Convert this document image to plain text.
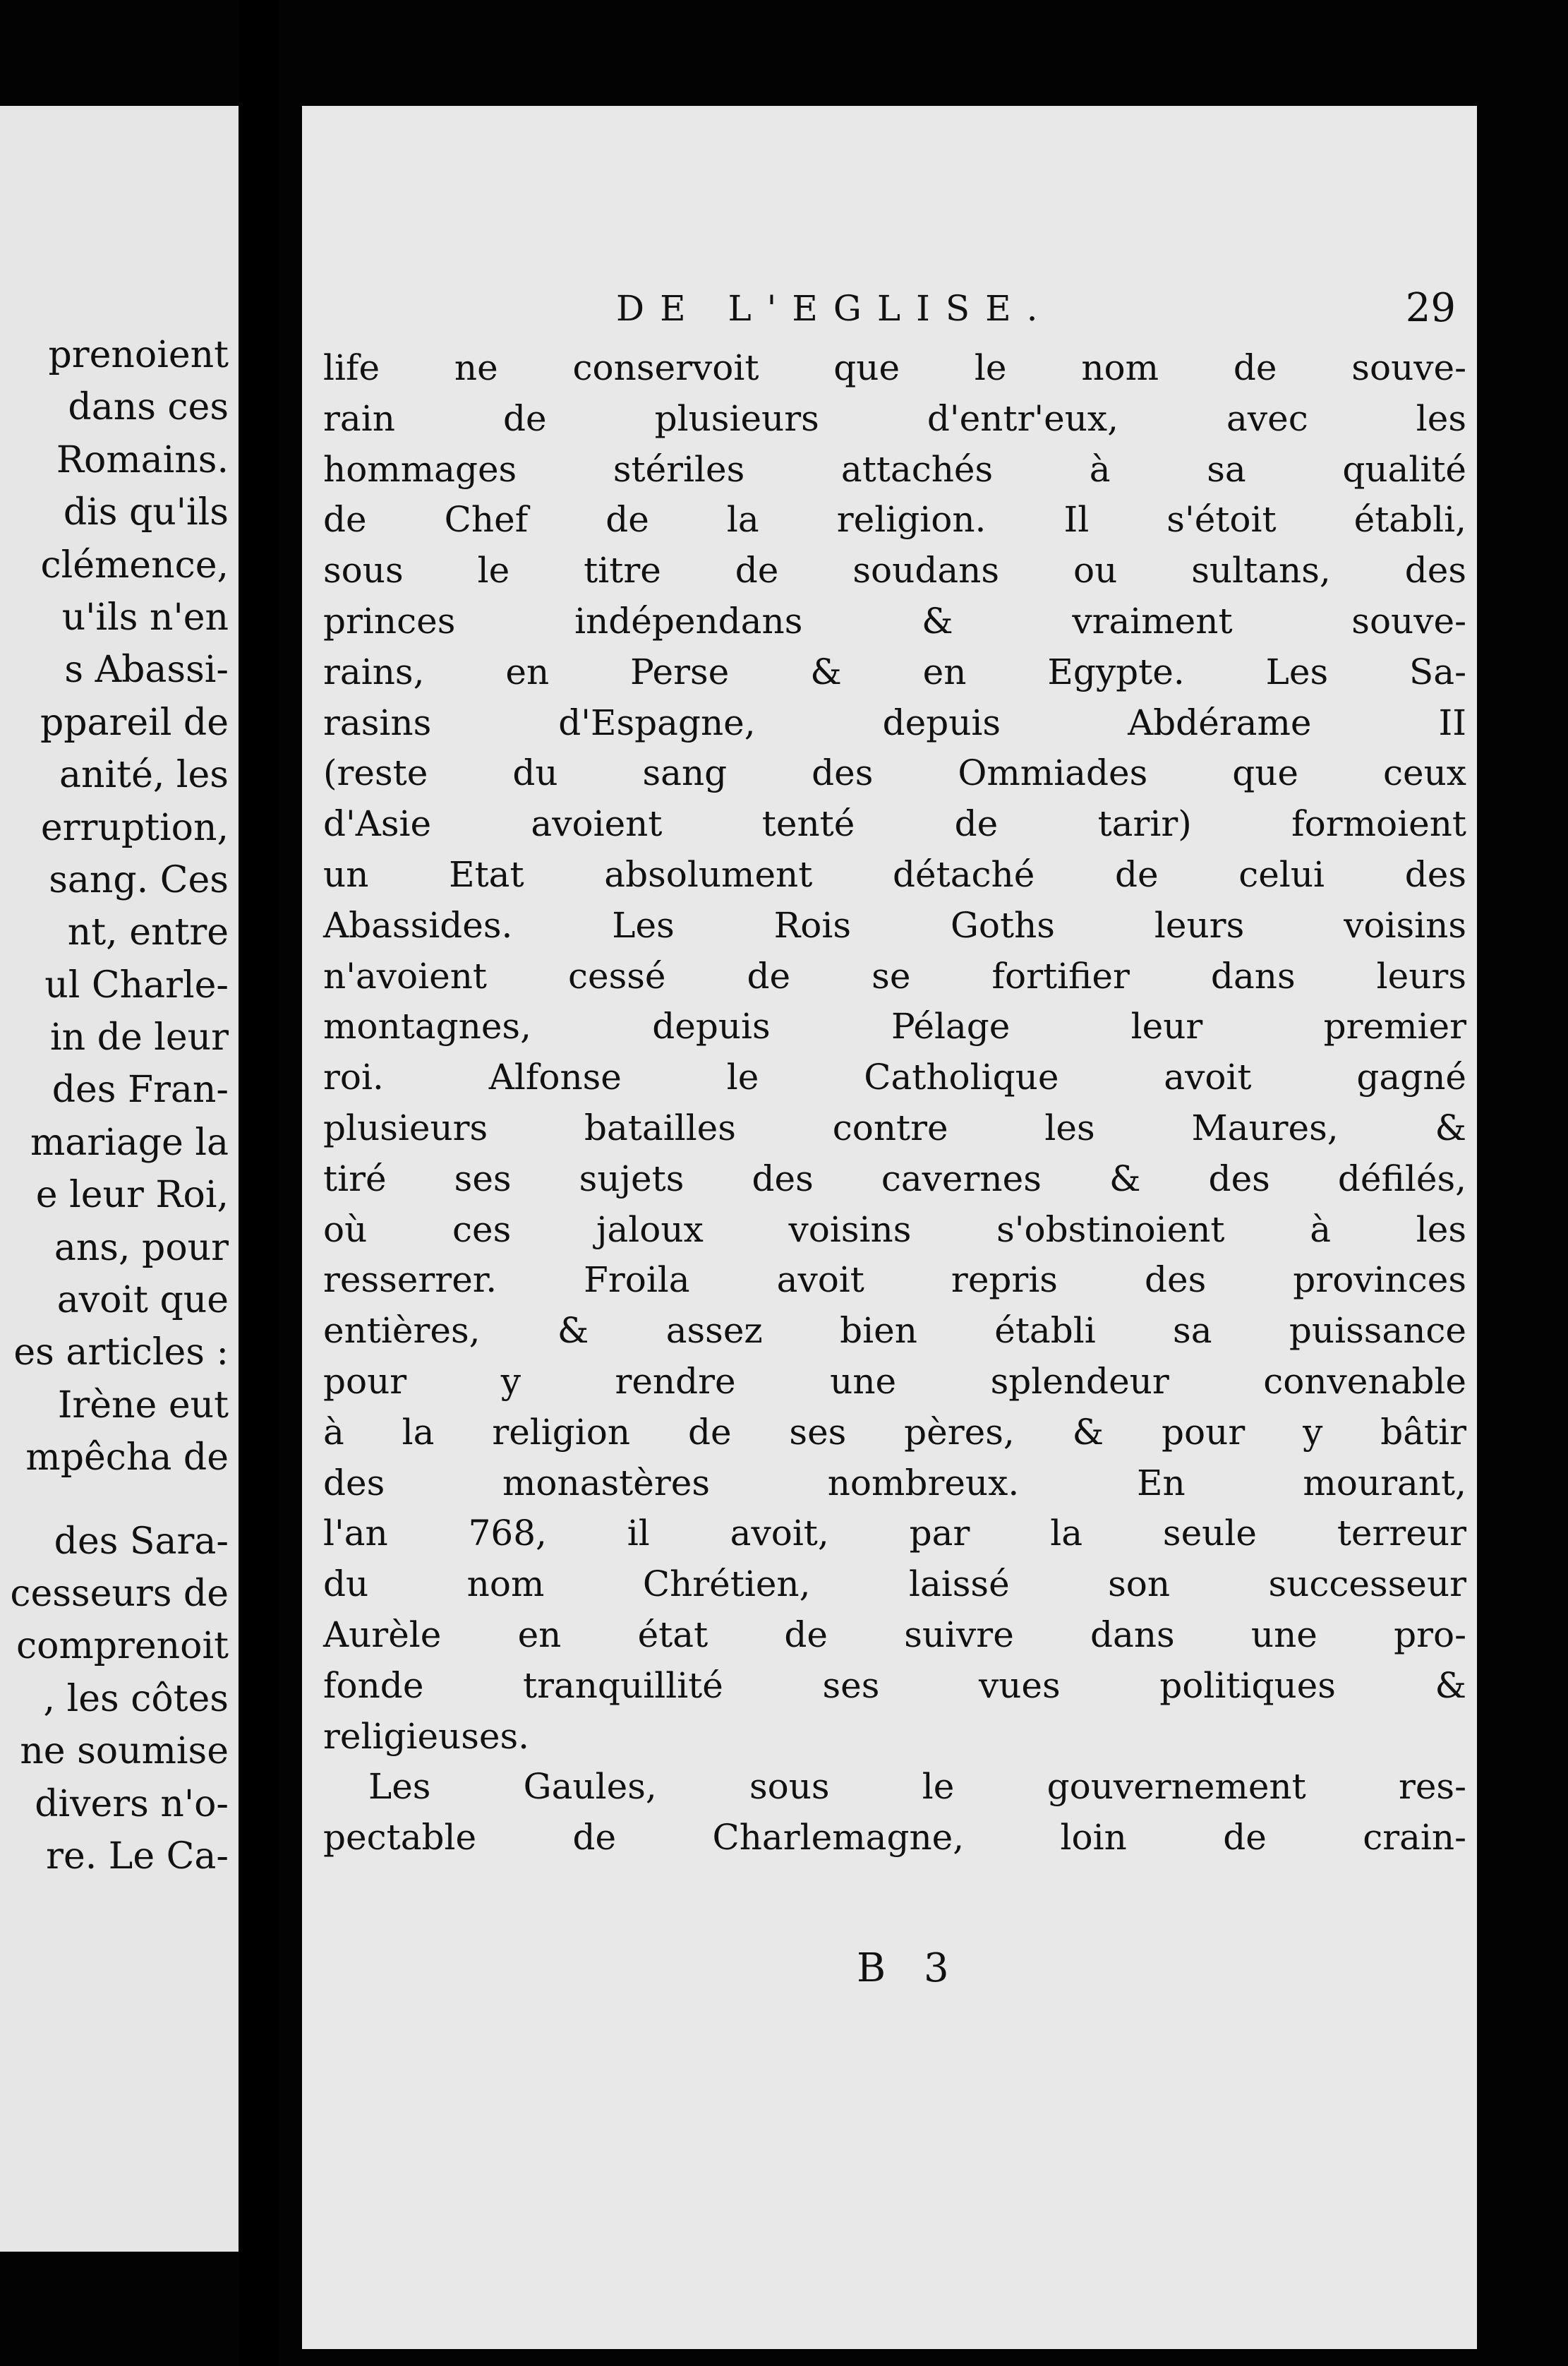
prenoient
dans ces
Romains.
dis qu'ils
clémence,
u'ils n'en
s Abassi-
ppareil de
anité, les
erruption,
sang. Ces
nt, entre
ul Charle-
in de leur
des Fran-
mariage la
e leur Roi,
ans, pour
avoit que
es articles :
Irène eut
mpêcha de
des Sara-
cesseurs de
comprenoit
, les côtes
ne soumise
divers n'o-
re. Le Ca-
DE L'EGLISE.	29
life ne conservoit que le nom de souve-
rain de plusieurs d'entr'eux, avec les
hommages stériles attachés à sa qualité
de Chef de la religion. Il s'étoit établi,
sous le titre de soudans ou sultans, des
princes indépendans & vraiment souve-
rains, en Perse & en Egypte. Les Sa-
rasins d'Espagne, depuis Abdérame II
(reste du sang des Ommiades que ceux
d'Asie avoient tenté de tarir) formoient
un Etat absolument détaché de celui des
Abassides. Les Rois Goths leurs voisins
n'avoient cessé de se fortifier dans leurs
montagnes, depuis Pélage leur premier
roi. Alfonse le Catholique avoit gagné
plusieurs batailles contre les Maures, &
tiré ses sujets des cavernes & des défilés,
où ces jaloux voisins s'obstinoient à les
resserrer. Froila avoit repris des provinces
entières, & assez bien établi sa puissance
pour y rendre une splendeur convenable
à la religion de ses pères, & pour y bâtir
des monastères nombreux. En mourant,
l'an 768, il avoit, par la seule terreur
du nom Chrétien, laissé son successeur
Aurèle en état de suivre dans une pro-
fonde tranquillité ses vues politiques &
religieuses.
Les Gaules, sous le gouvernement res-
pectable de Charlemagne, loin de crain-
B 3
